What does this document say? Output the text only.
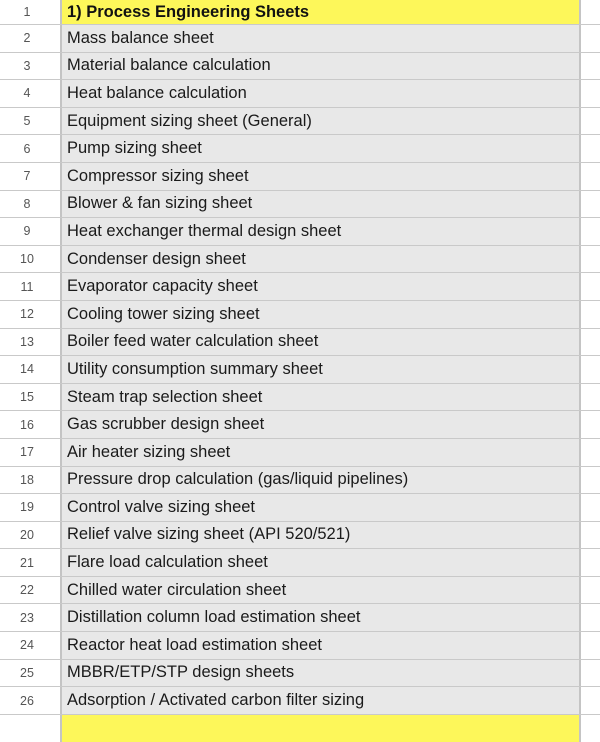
1	1) Process Engineering Sheets
2	Mass balance sheet
3	Material balance calculation
4	Heat balance calculation
5	Equipment sizing sheet (General)
6	Pump sizing sheet
7	Compressor sizing sheet
8	Blower & fan sizing sheet
9	Heat exchanger thermal design sheet
10	Condenser design sheet
11	Evaporator capacity sheet
12	Cooling tower sizing sheet
13	Boiler feed water calculation sheet
14	Utility consumption summary sheet
15	Steam trap selection sheet
16	Gas scrubber design sheet
17	Air heater sizing sheet
18	Pressure drop calculation (gas/liquid pipelines)
19	Control valve sizing sheet
20	Relief valve sizing sheet (API 520/521)
21	Flare load calculation sheet
22	Chilled water circulation sheet
23	Distillation column load estimation sheet
24	Reactor heat load estimation sheet
25	MBBR/ETP/STP design sheets
26	Adsorption / Activated carbon filter sizing
